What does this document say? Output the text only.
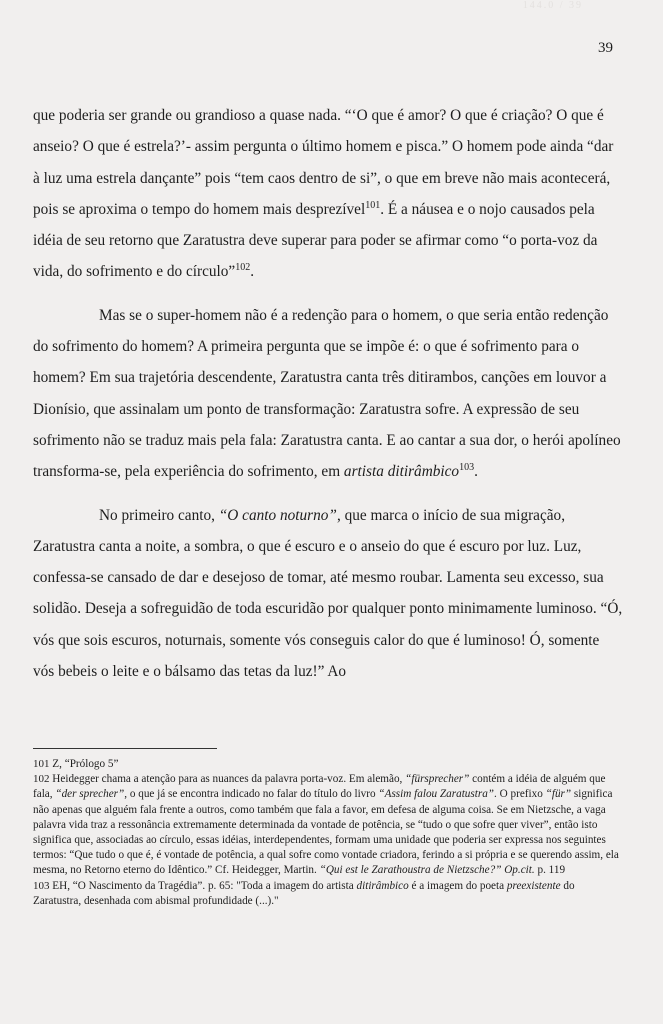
144.0 / 39
39

que poderia ser grande ou grandioso a quase nada. “‘O que é amor? O que é criação? O que é anseio? O que é estrela?’- assim pergunta o último homem e pisca.” O homem pode ainda “dar à luz uma estrela dançante” pois “tem caos dentro de si”, o que em breve não mais acontecerá, pois se aproxima o tempo do homem mais desprezível$^{101}$. É a náusea e o nojo causados pela idéia de seu retorno que Zaratustra deve superar para poder se afirmar como “o porta-voz da vida, do sofrimento e do círculo”$^{102}$.

Mas se o super-homem não é a redenção para o homem, o que seria então redenção do sofrimento do homem? A primeira pergunta que se impõe é: o que é sofrimento para o homem? Em sua trajetória descendente, Zaratustra canta três ditirambos, canções em louvor a Dionísio, que assinalam um ponto de transformação: Zaratustra sofre. A expressão de seu sofrimento não se traduz mais pela fala: Zaratustra canta. E ao cantar a sua dor, o herói apolíneo transforma-se, pela experiência do sofrimento, em artista ditirâmbico$^{103}$.

No primeiro canto, “O canto noturno”, que marca o início de sua migração, Zaratustra canta a noite, a sombra, o que é escuro e o anseio do que é escuro por luz. Luz, confessa-se cansado de dar e desejoso de tomar, até mesmo roubar. Lamenta seu excesso, sua solidão. Deseja a sofreguidão de toda escuridão por qualquer ponto minimamente luminoso. “Ó, vós que sois escuros, noturnais, somente vós conseguis calor do que é luminoso! Ó, somente vós bebeis o leite e o bálsamo das tetas da luz!” Ao

101 Z, “Prólogo 5”

102 Heidegger chama a atenção para as nuances da palavra porta-voz. Em alemão, “fürsprecher” contém a idéia de alguém que fala, “der sprecher”, o que já se encontra indicado no falar do título do livro “Assim falou Zaratustra”. O prefixo “für” significa não apenas que alguém fala frente a outros, como também que fala a favor, em defesa de alguma coisa. Se em Nietzsche, a vaga palavra vida traz a ressonância extremamente determinada da vontade de potência, se “tudo o que sofre quer viver”, então isto significa que, associadas ao círculo, essas idéias, interdependentes, formam uma unidade que poderia ser expressa nos seguintes termos: “Que tudo o que é, é vontade de potência, a qual sofre como vontade criadora, ferindo a si própria e se querendo assim, ela mesma, no Retorno eterno do Idêntico.” Cf. Heidegger, Martin. “Qui est le Zarathoustra de Nietzsche?” Op.cit. p. 119

103 EH, “O Nascimento da Tragédia”. p. 65: "Toda a imagem do artista ditirâmbico é a imagem do poeta preexistente do Zaratustra, desenhada com abismal profundidade (...)."
